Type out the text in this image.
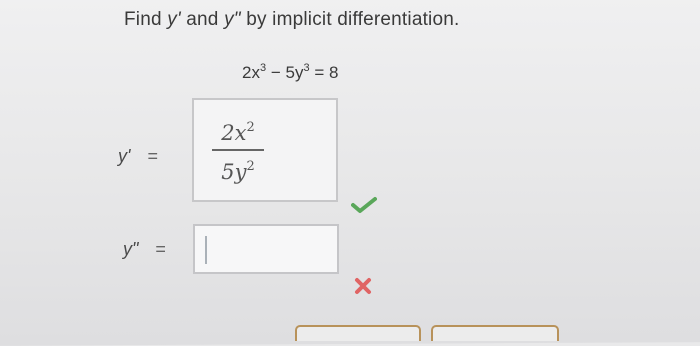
Find y' and y" by implicit differentiation.
$2x^3 - 5y^3 = 8$
y' =
$2x^2$
$5y^2$
y" =
